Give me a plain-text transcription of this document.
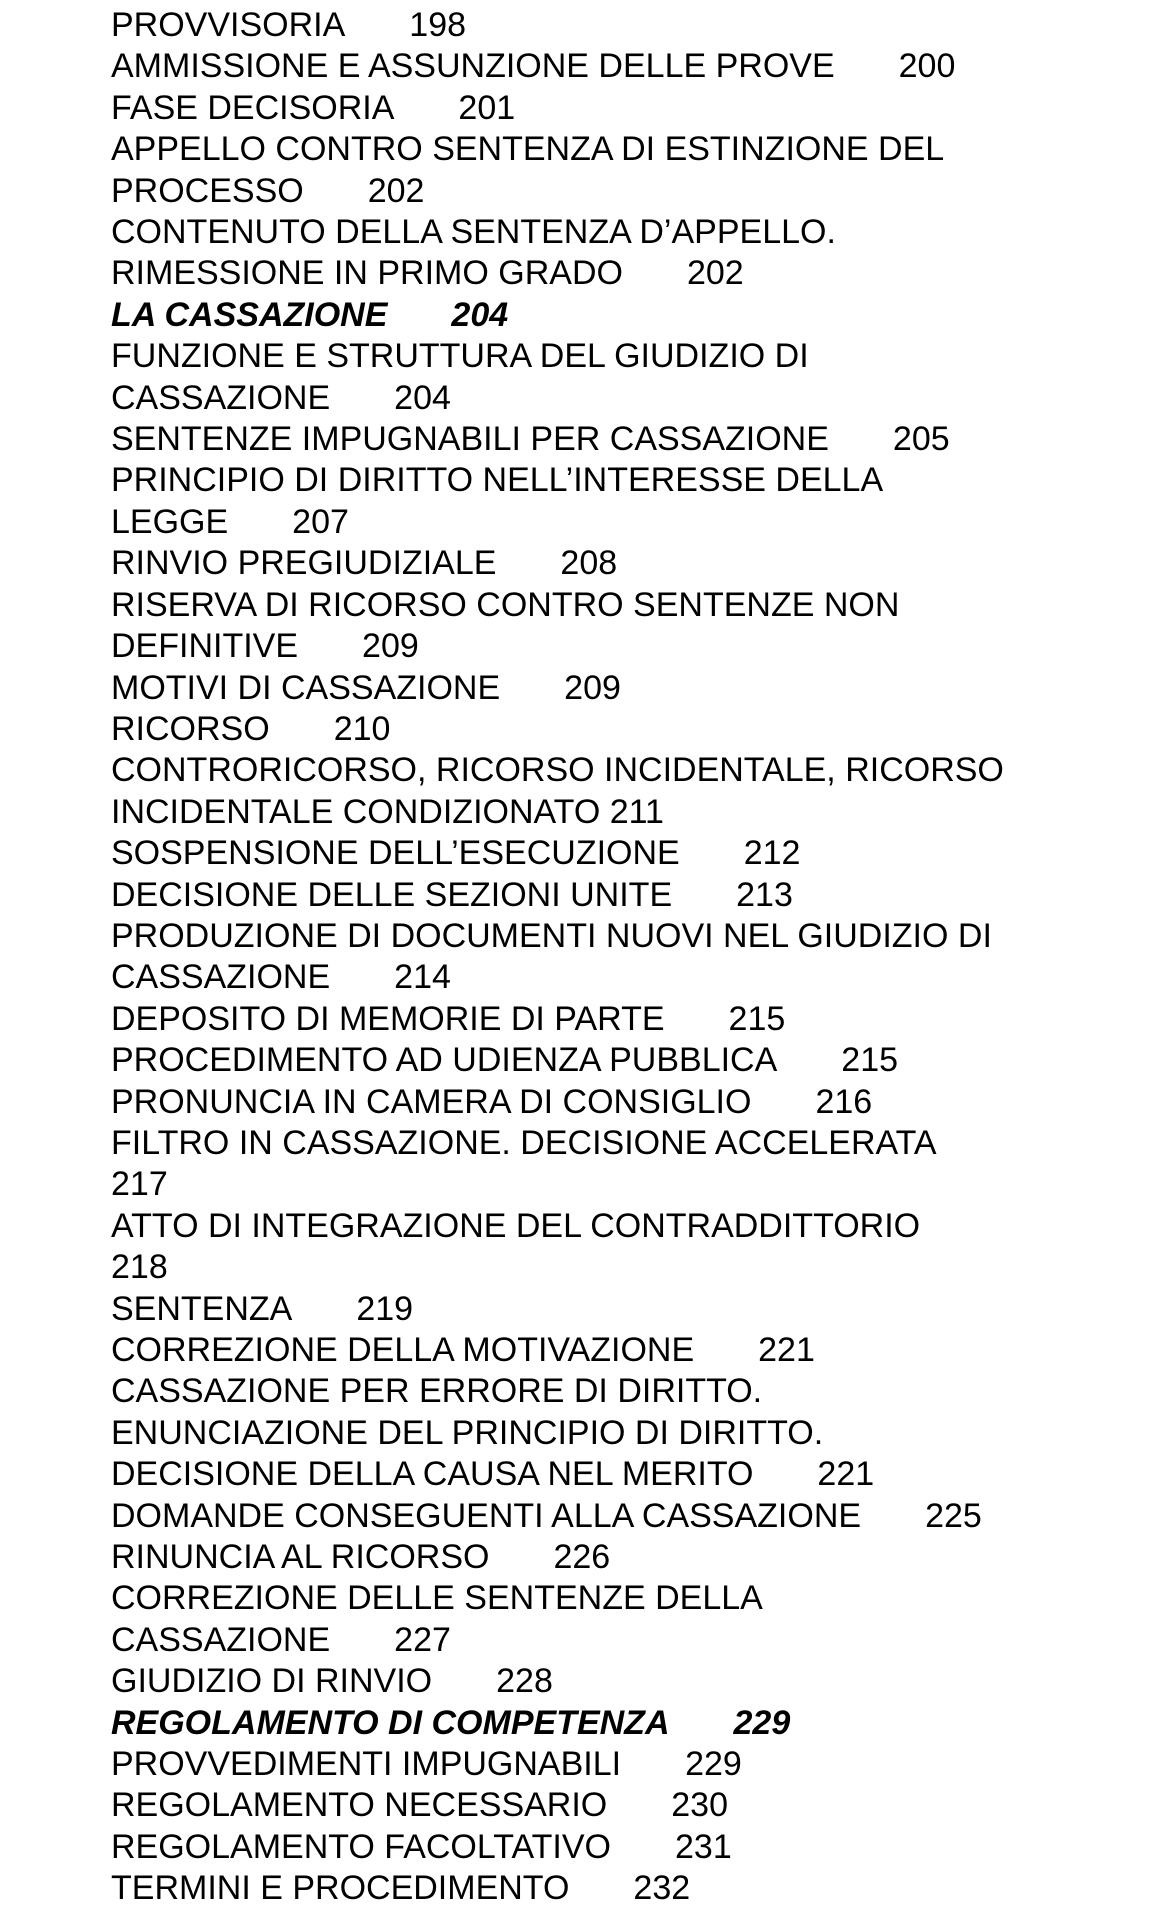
PROVVISORIA 198
AMMISSIONE E ASSUNZIONE DELLE PROVE 200
FASE DECISORIA 201
APPELLO CONTRO SENTENZA DI ESTINZIONE DEL
PROCESSO 202
CONTENUTO DELLA SENTENZA D’APPELLO.
RIMESSIONE IN PRIMO GRADO 202
LA CASSAZIONE 204
FUNZIONE E STRUTTURA DEL GIUDIZIO DI
CASSAZIONE 204
SENTENZE IMPUGNABILI PER CASSAZIONE 205
PRINCIPIO DI DIRITTO NELL’INTERESSE DELLA
LEGGE 207
RINVIO PREGIUDIZIALE 208
RISERVA DI RICORSO CONTRO SENTENZE NON
DEFINITIVE 209
MOTIVI DI CASSAZIONE 209
RICORSO 210
CONTRORICORSO, RICORSO INCIDENTALE, RICORSO
INCIDENTALE CONDIZIONATO 211
SOSPENSIONE DELL’ESECUZIONE 212
DECISIONE DELLE SEZIONI UNITE 213
PRODUZIONE DI DOCUMENTI NUOVI NEL GIUDIZIO DI
CASSAZIONE 214
DEPOSITO DI MEMORIE DI PARTE 215
PROCEDIMENTO AD UDIENZA PUBBLICA 215
PRONUNCIA IN CAMERA DI CONSIGLIO 216
FILTRO IN CASSAZIONE. DECISIONE ACCELERATA
217
ATTO DI INTEGRAZIONE DEL CONTRADDITTORIO
218
SENTENZA 219
CORREZIONE DELLA MOTIVAZIONE 221
CASSAZIONE PER ERRORE DI DIRITTO.
ENUNCIAZIONE DEL PRINCIPIO DI DIRITTO.
DECISIONE DELLA CAUSA NEL MERITO 221
DOMANDE CONSEGUENTI ALLA CASSAZIONE 225
RINUNCIA AL RICORSO 226
CORREZIONE DELLE SENTENZE DELLA
CASSAZIONE 227
GIUDIZIO DI RINVIO 228
REGOLAMENTO DI COMPETENZA 229
PROVVEDIMENTI IMPUGNABILI 229
REGOLAMENTO NECESSARIO 230
REGOLAMENTO FACOLTATIVO 231
TERMINI E PROCEDIMENTO 232
